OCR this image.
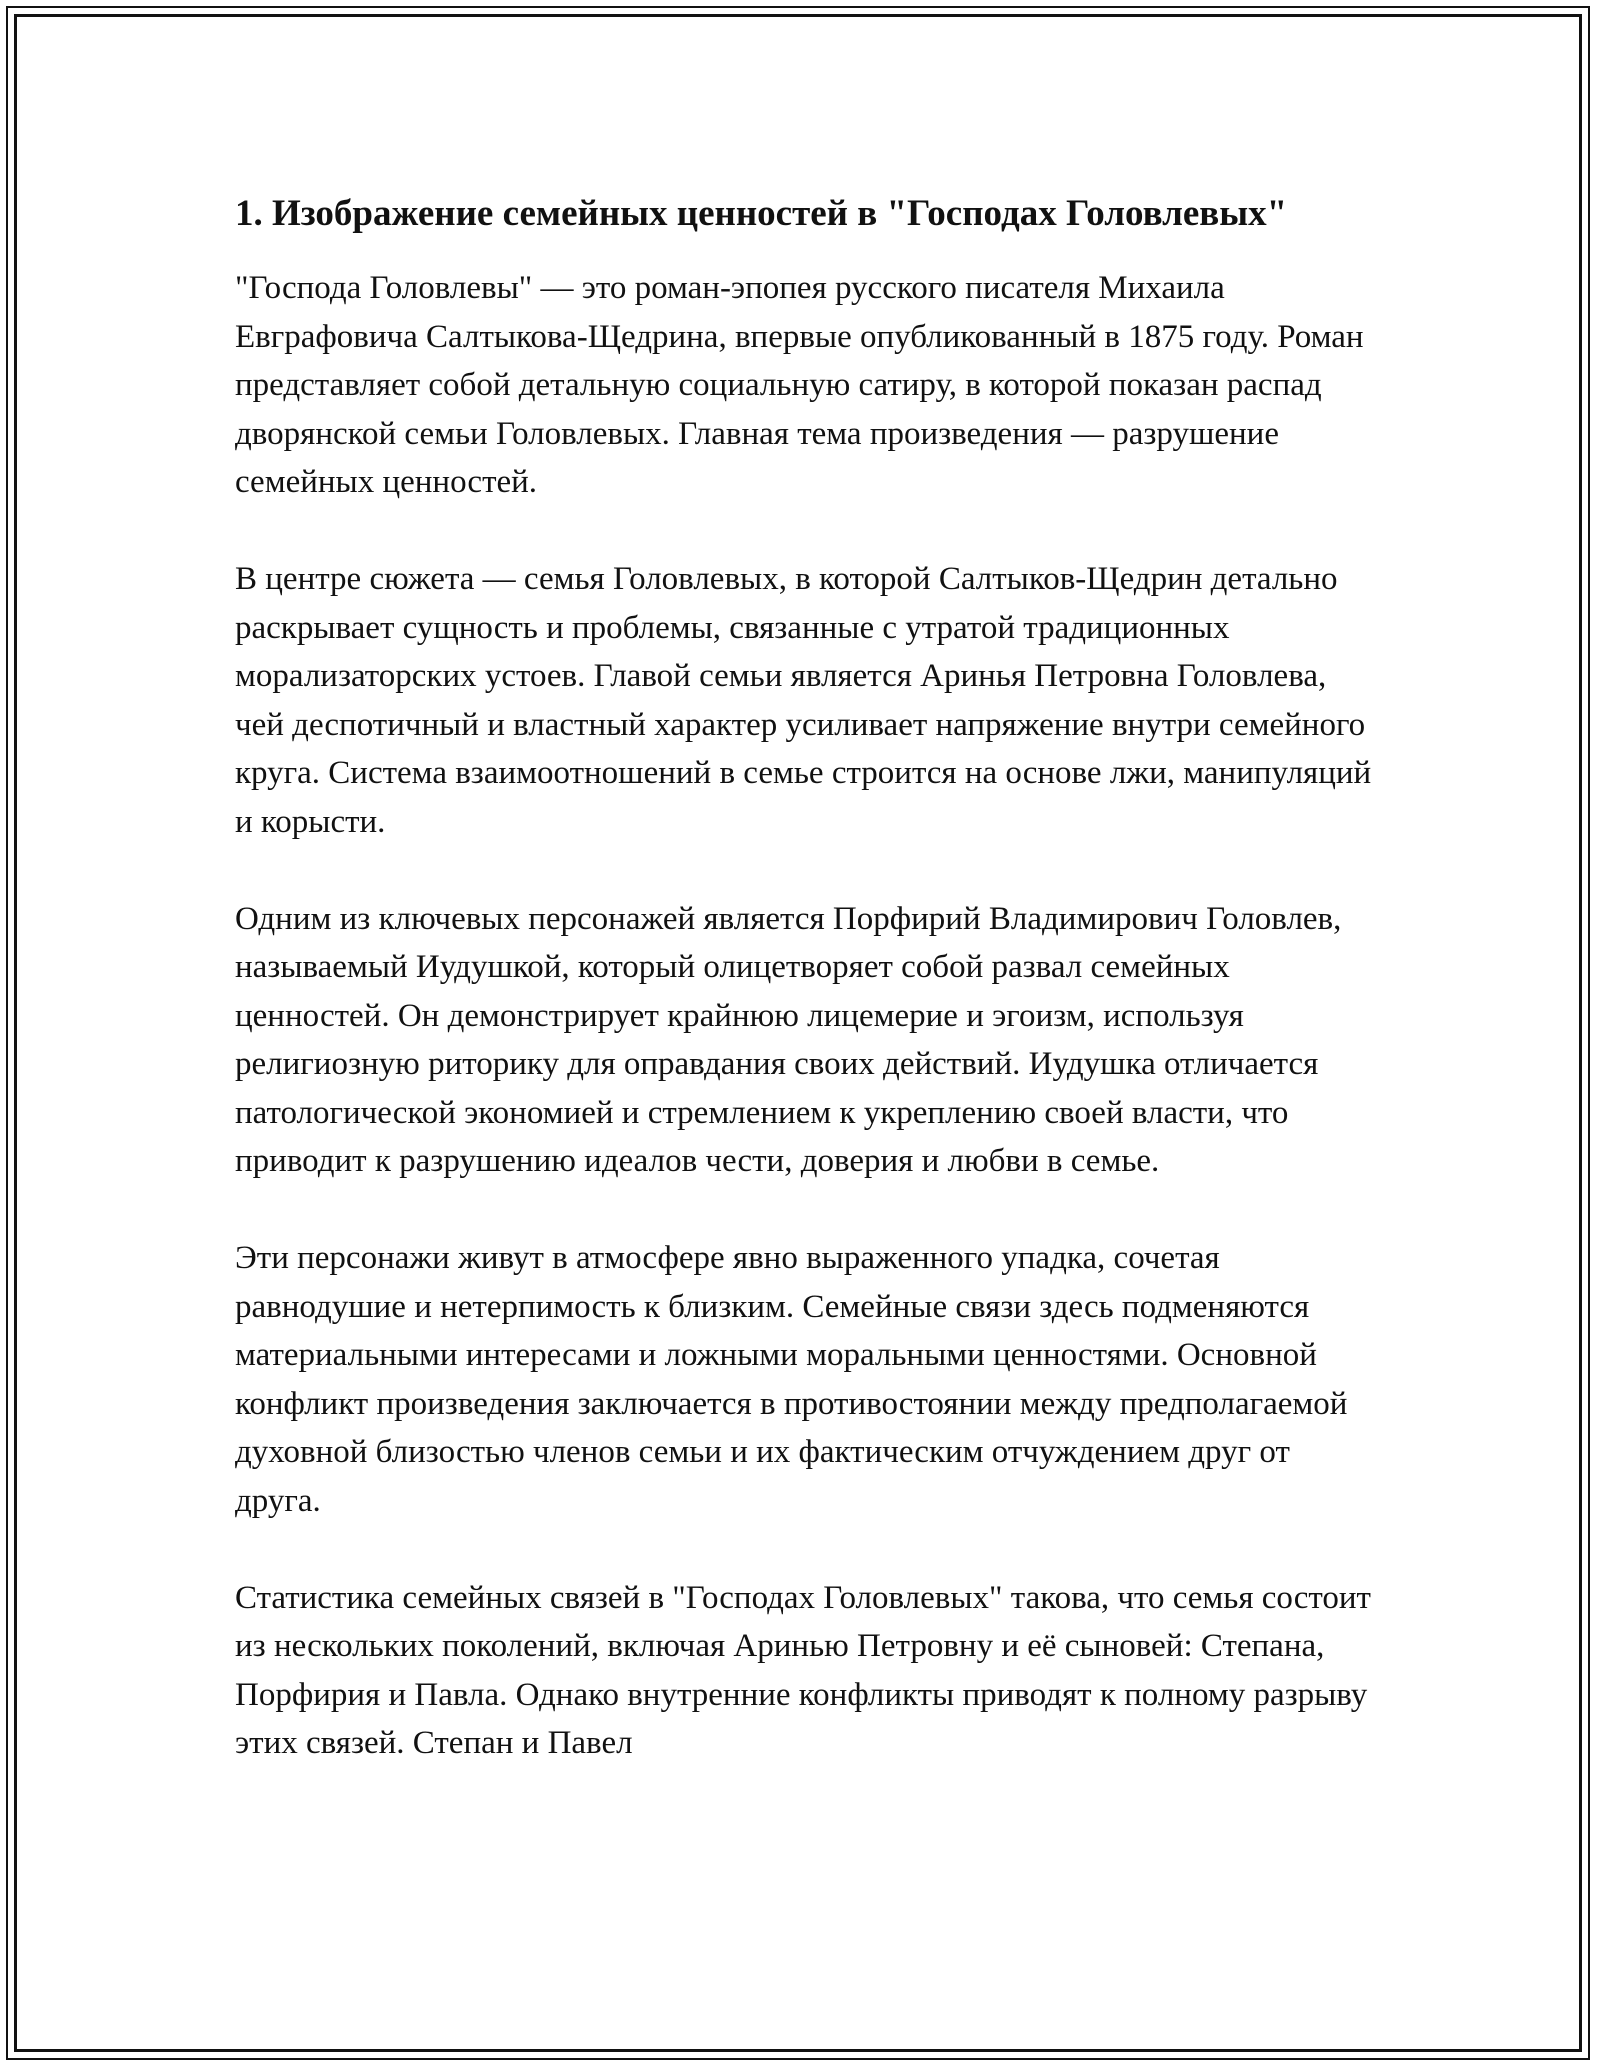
1. Изображение семейных ценностей в "Господах Головлевых"

"Господа Головлевы" — это роман-эпопея русского писателя Михаила Евграфовича Салтыкова-Щедрина, впервые опубликованный в 1875 году. Роман представляет собой детальную социальную сатиру, в которой показан распад дворянской семьи Головлевых. Главная тема произведения — разрушение семейных ценностей.

В центре сюжета — семья Головлевых, в которой Салтыков-Щедрин детально раскрывает сущность и проблемы, связанные с утратой традиционных морализаторских устоев. Главой семьи является Аринья Петровна Головлева, чей деспотичный и властный характер усиливает напряжение внутри семейного круга. Система взаимоотношений в семье строится на основе лжи, манипуляций и корысти.

Одним из ключевых персонажей является Порфирий Владимирович Головлев, называемый Иудушкой, который олицетворяет собой развал семейных ценностей. Он демонстрирует крайнюю лицемерие и эгоизм, используя религиозную риторику для оправдания своих действий. Иудушка отличается патологической экономией и стремлением к укреплению своей власти, что приводит к разрушению идеалов чести, доверия и любви в семье.

Эти персонажи живут в атмосфере явно выраженного упадка, сочетая равнодушие и нетерпимость к близким. Семейные связи здесь подменяются материальными интересами и ложными моральными ценностями. Основной конфликт произведения заключается в противостоянии между предполагаемой духовной близостью членов семьи и их фактическим отчуждением друг от друга.

Статистика семейных связей в "Господах Головлевых" такова, что семья состоит из нескольких поколений, включая Аринью Петровну и её сыновей: Степана, Порфирия и Павла. Однако внутренние конфликты приводят к полному разрыву этих связей. Степан и Павел
